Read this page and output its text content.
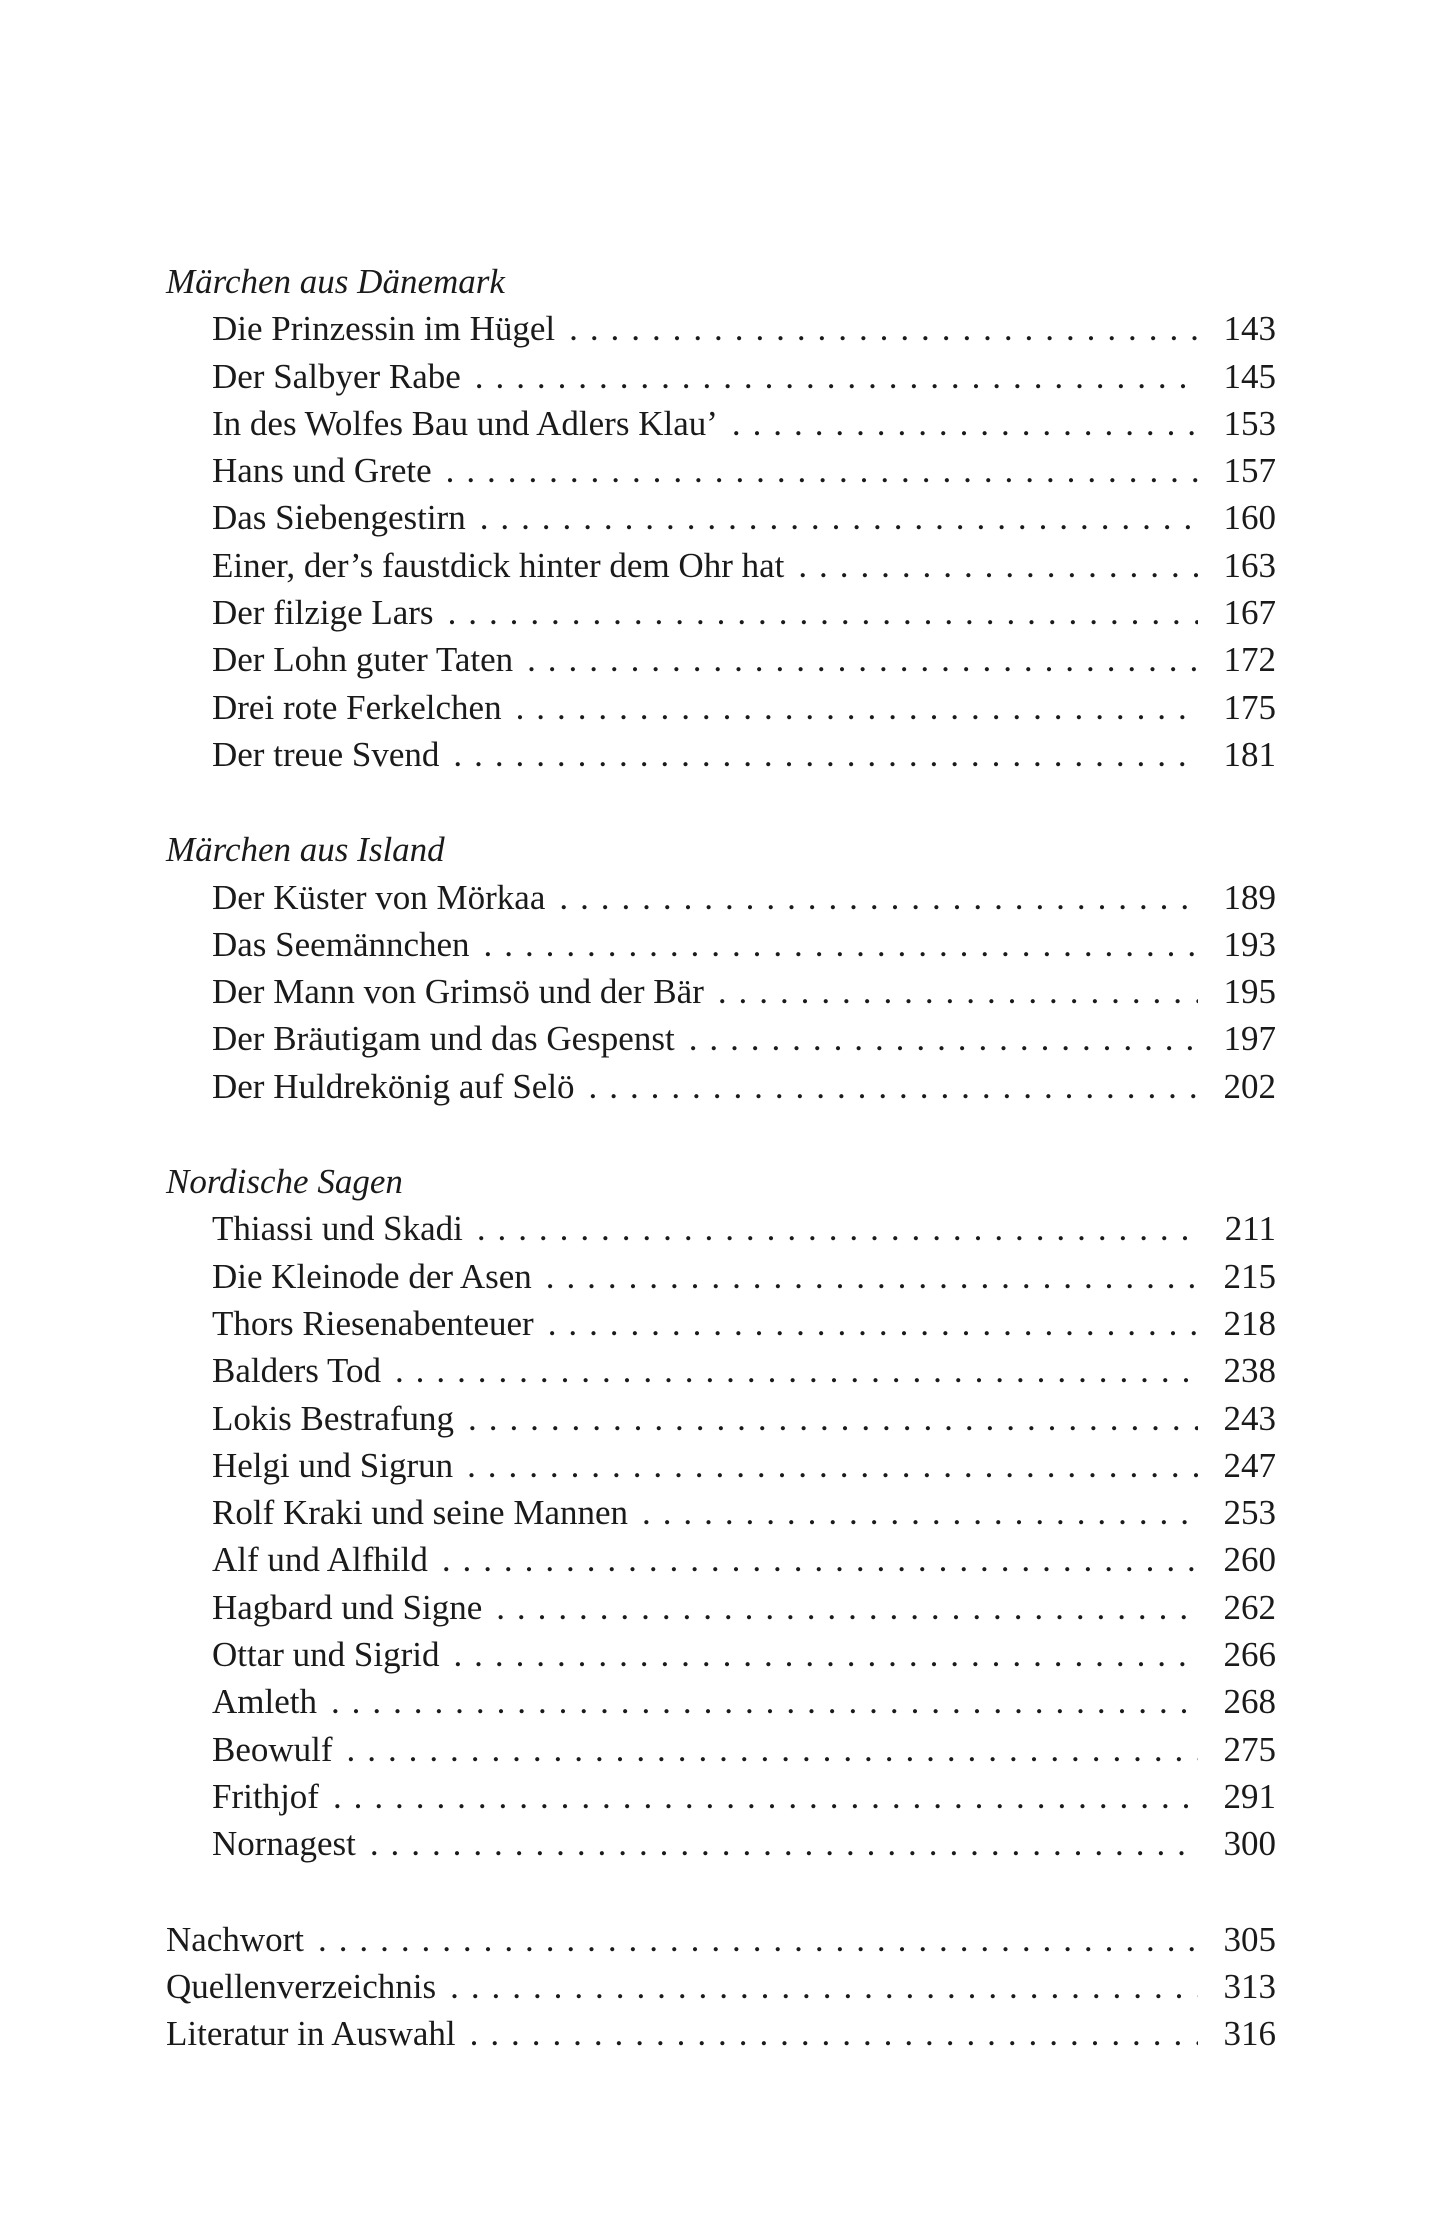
Märchen aus Dänemark
Die Prinzessin im Hügel . . .	143
Der Salbyer Rabe . . .	145
In des Wolfes Bau und Adlers Klau’ . . .	153
Hans und Grete . . .	157
Das Siebengestirn . . .	160
Einer, der’s faustdick hinter dem Ohr hat . . .	163
Der filzige Lars . . .	167
Der Lohn guter Taten . . .	172
Drei rote Ferkelchen . . .	175
Der treue Svend . . .	181
Märchen aus Island
Der Küster von Mörkaa . . .	189
Das Seemännchen . . .	193
Der Mann von Grimsö und der Bär . . .	195
Der Bräutigam und das Gespenst . . .	197
Der Huldrekönig auf Selö . . .	202
Nordische Sagen
Thiassi und Skadi . . .	211
Die Kleinode der Asen . . .	215
Thors Riesenabenteuer . . .	218
Balders Tod . . .	238
Lokis Bestrafung . . .	243
Helgi und Sigrun . . .	247
Rolf Kraki und seine Mannen . . .	253
Alf und Alfhild . . .	260
Hagbard und Signe . . .	262
Ottar und Sigrid . . .	266
Amleth . . .	268
Beowulf . . .	275
Frithjof . . .	291
Nornagest . . .	300
Nachwort . . .	305
Quellenverzeichnis . . .	313
Literatur in Auswahl . . .	316
